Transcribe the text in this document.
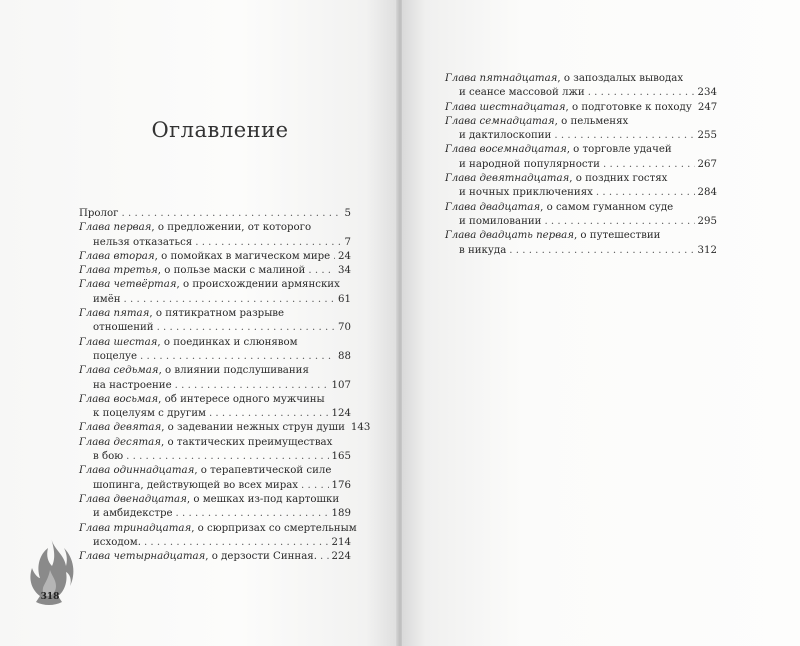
Оглавление
Пролог . . .	5
Глава первая, о предложении, от которого
нельзя отказаться . . .	7
Глава вторая, о помойках в магическом мире . . . 24
Глава третья, о пользе маски с малиной . . .	34
Глава четвёртая, о происхождении армянских
имён . . .	61
Глава пятая, о пятикратном разрыве
отношений . . .	70
Глава шестая, о поединках и слюнявом
поцелуе . . .	88
Глава седьмая, о влиянии подслушивания
на настроение . . .	107
Глава восьмая, об интересе одного мужчины
к поцелуям с другим . . .	124
Глава девятая, о задевании нежных струн души 143
Глава десятая, о тактических преимуществах
в бою . . .	165
Глава одиннадцатая, о терапевтической силе
шопинга, действующей во всех мирах . . .	176
Глава двенадцатая, о мешках из-под картошки
и амбидекстре . . .	189
Глава тринадцатая, о сюрпризах со смертельным
исходом. . . .	214
Глава четырнадцатая, о дерзости Синная. . . . 224
318
Глава пятнадцатая, о запоздалых выводах
и сеансе массовой лжи . . .	234
Глава шестнадцатая, о подготовке к походу 247
Глава семнадцатая, о пельменях
и дактилоскопии . . .	255
Глава восемнадцатая, о торговле удачей
и народной популярности . . .	267
Глава девятнадцатая, о поздних гостях
и ночных приключениях . . .	284
Глава двадцатая, о самом гуманном суде
и помиловании . . .	295
Глава двадцать первая, о путешествии
в никуда . . .	312
